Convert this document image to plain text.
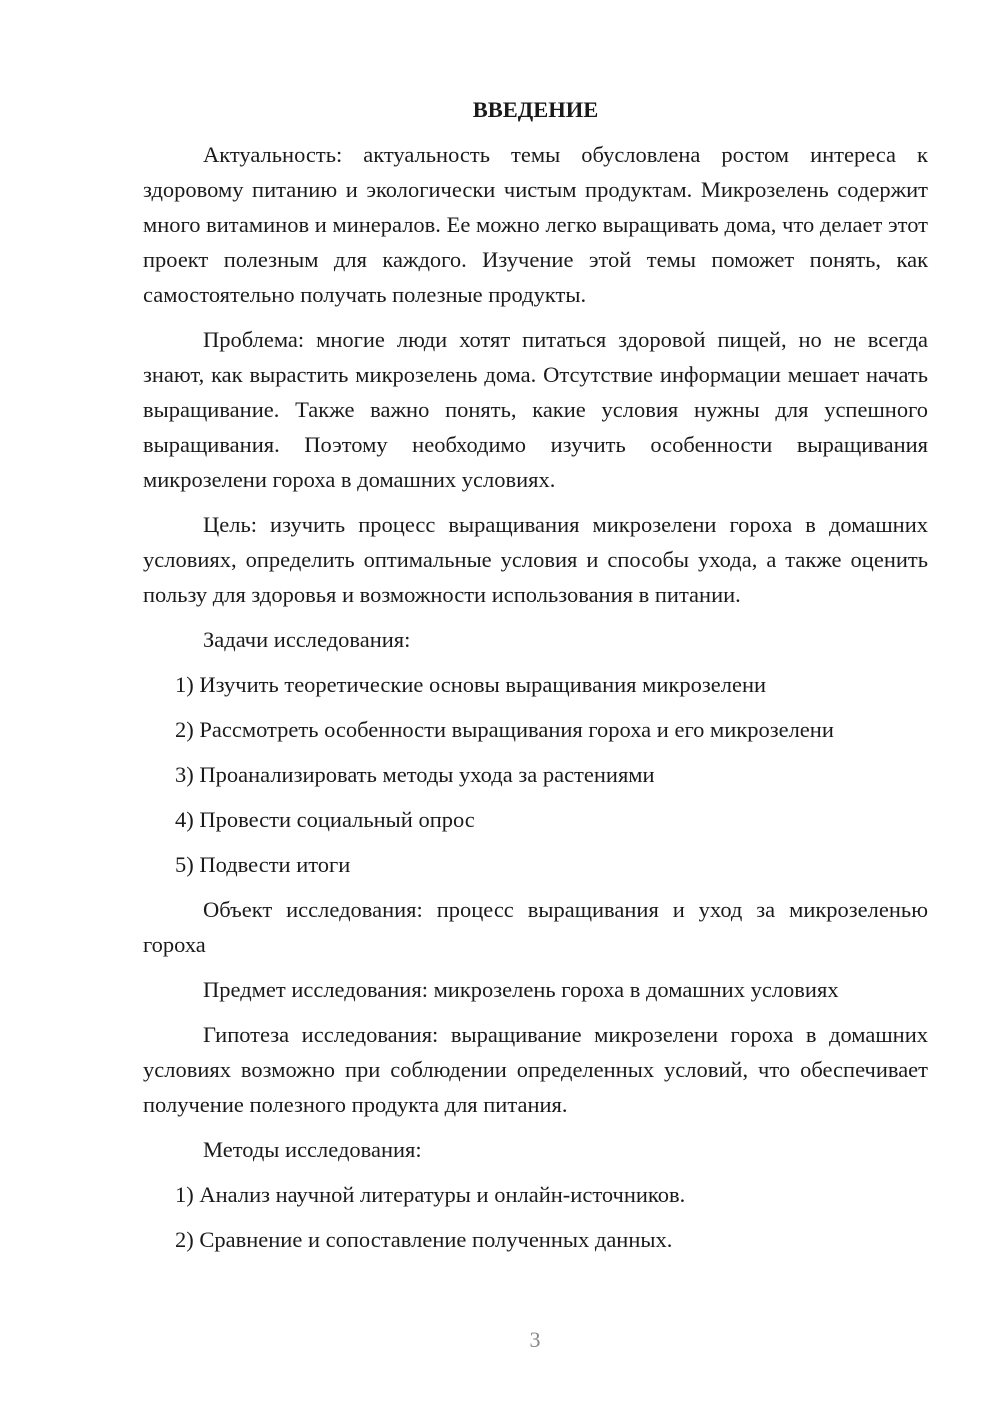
ВВЕДЕНИЕ

Актуальность: актуальность темы обусловлена ростом интереса к здоровому питанию и экологически чистым продуктам. Микрозелень содержит много витаминов и минералов. Ее можно легко выращивать дома, что делает этот проект полезным для каждого. Изучение этой темы поможет понять, как самостоятельно получать полезные продукты.

Проблема: многие люди хотят питаться здоровой пищей, но не всегда знают, как вырастить микрозелень дома. Отсутствие информации мешает начать выращивание. Также важно понять, какие условия нужны для успешного выращивания. Поэтому необходимо изучить особенности выращивания микрозелени гороха в домашних условиях.

Цель: изучить процесс выращивания микрозелени гороха в домашних условиях, определить оптимальные условия и способы ухода, а также оценить пользу для здоровья и возможности использования в питании.

Задачи исследования:

1) Изучить теоретические основы выращивания микрозелени
2) Рассмотреть особенности выращивания гороха и его микрозелени
3) Проанализировать методы ухода за растениями
4) Провести социальный опрос
5) Подвести итоги

Объект исследования: процесс выращивания и уход за микрозеленью гороха

Предмет исследования: микрозелень гороха в домашних условиях

Гипотеза исследования: выращивание микрозелени гороха в домашних условиях возможно при соблюдении определенных условий, что обеспечивает получение полезного продукта для питания.

Методы исследования:

1) Анализ научной литературы и онлайн-источников.
2) Сравнение и сопоставление полученных данных.
3
